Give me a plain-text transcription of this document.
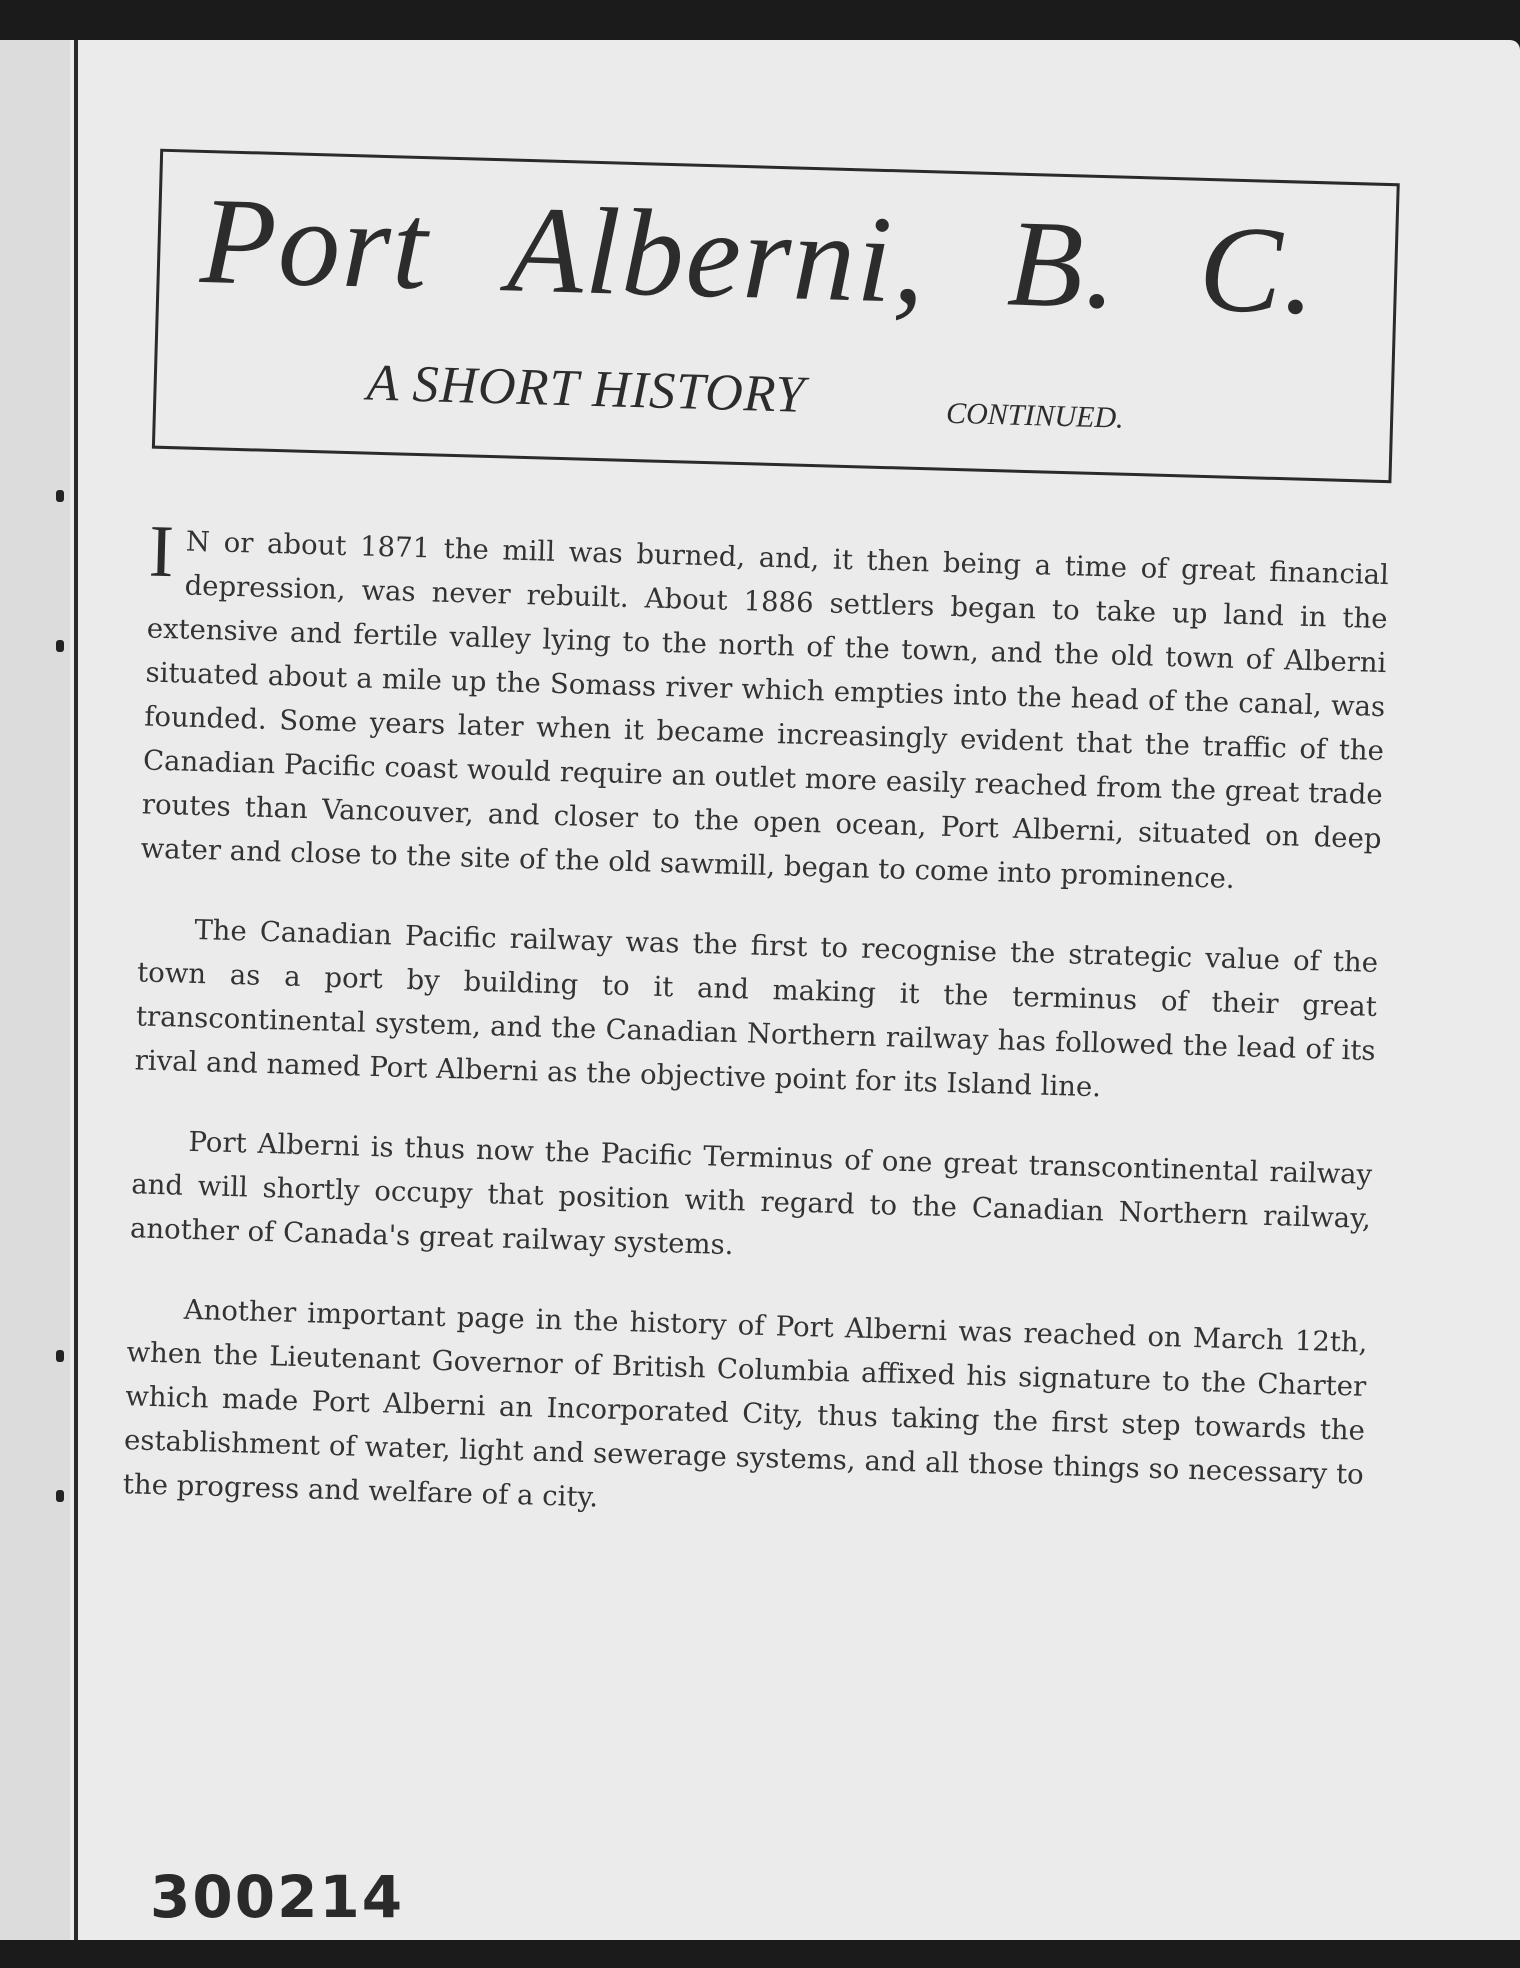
Port Alberni, B. C.
A SHORT HISTORY	CONTINUED.

I N or about 1871 the mill was burned, and, it then being a time of great financial depression, was never rebuilt. About 1886 settlers began to take up land in the extensive and fertile valley lying to the north of the town, and the old town of Alberni situated about a mile up the Somass river which empties into the head of the canal, was founded. Some years later when it became increasingly evident that the traffic of the Canadian Pacific coast would require an outlet more easily reached from the great trade routes than Vancouver, and closer to the open ocean, Port Alberni, situated on deep water and close to the site of the old sawmill, began to come into prominence.

The Canadian Pacific railway was the first to recognise the strategic value of the town as a port by building to it and making it the terminus of their great transcontinental system, and the Canadian Northern railway has followed the lead of its rival and named Port Alberni as the objective point for its Island line.

Port Alberni is thus now the Pacific Terminus of one great transcontinental railway and will shortly occupy that position with regard to the Canadian Northern railway, another of Canada's great railway systems.

Another important page in the history of Port Alberni was reached on March 12th, when the Lieutenant Governor of British Columbia affixed his signature to the Charter which made Port Alberni an Incorporated City, thus taking the first step towards the establishment of water, light and sewerage systems, and all those things so necessary to the progress and welfare of a city.

300214
